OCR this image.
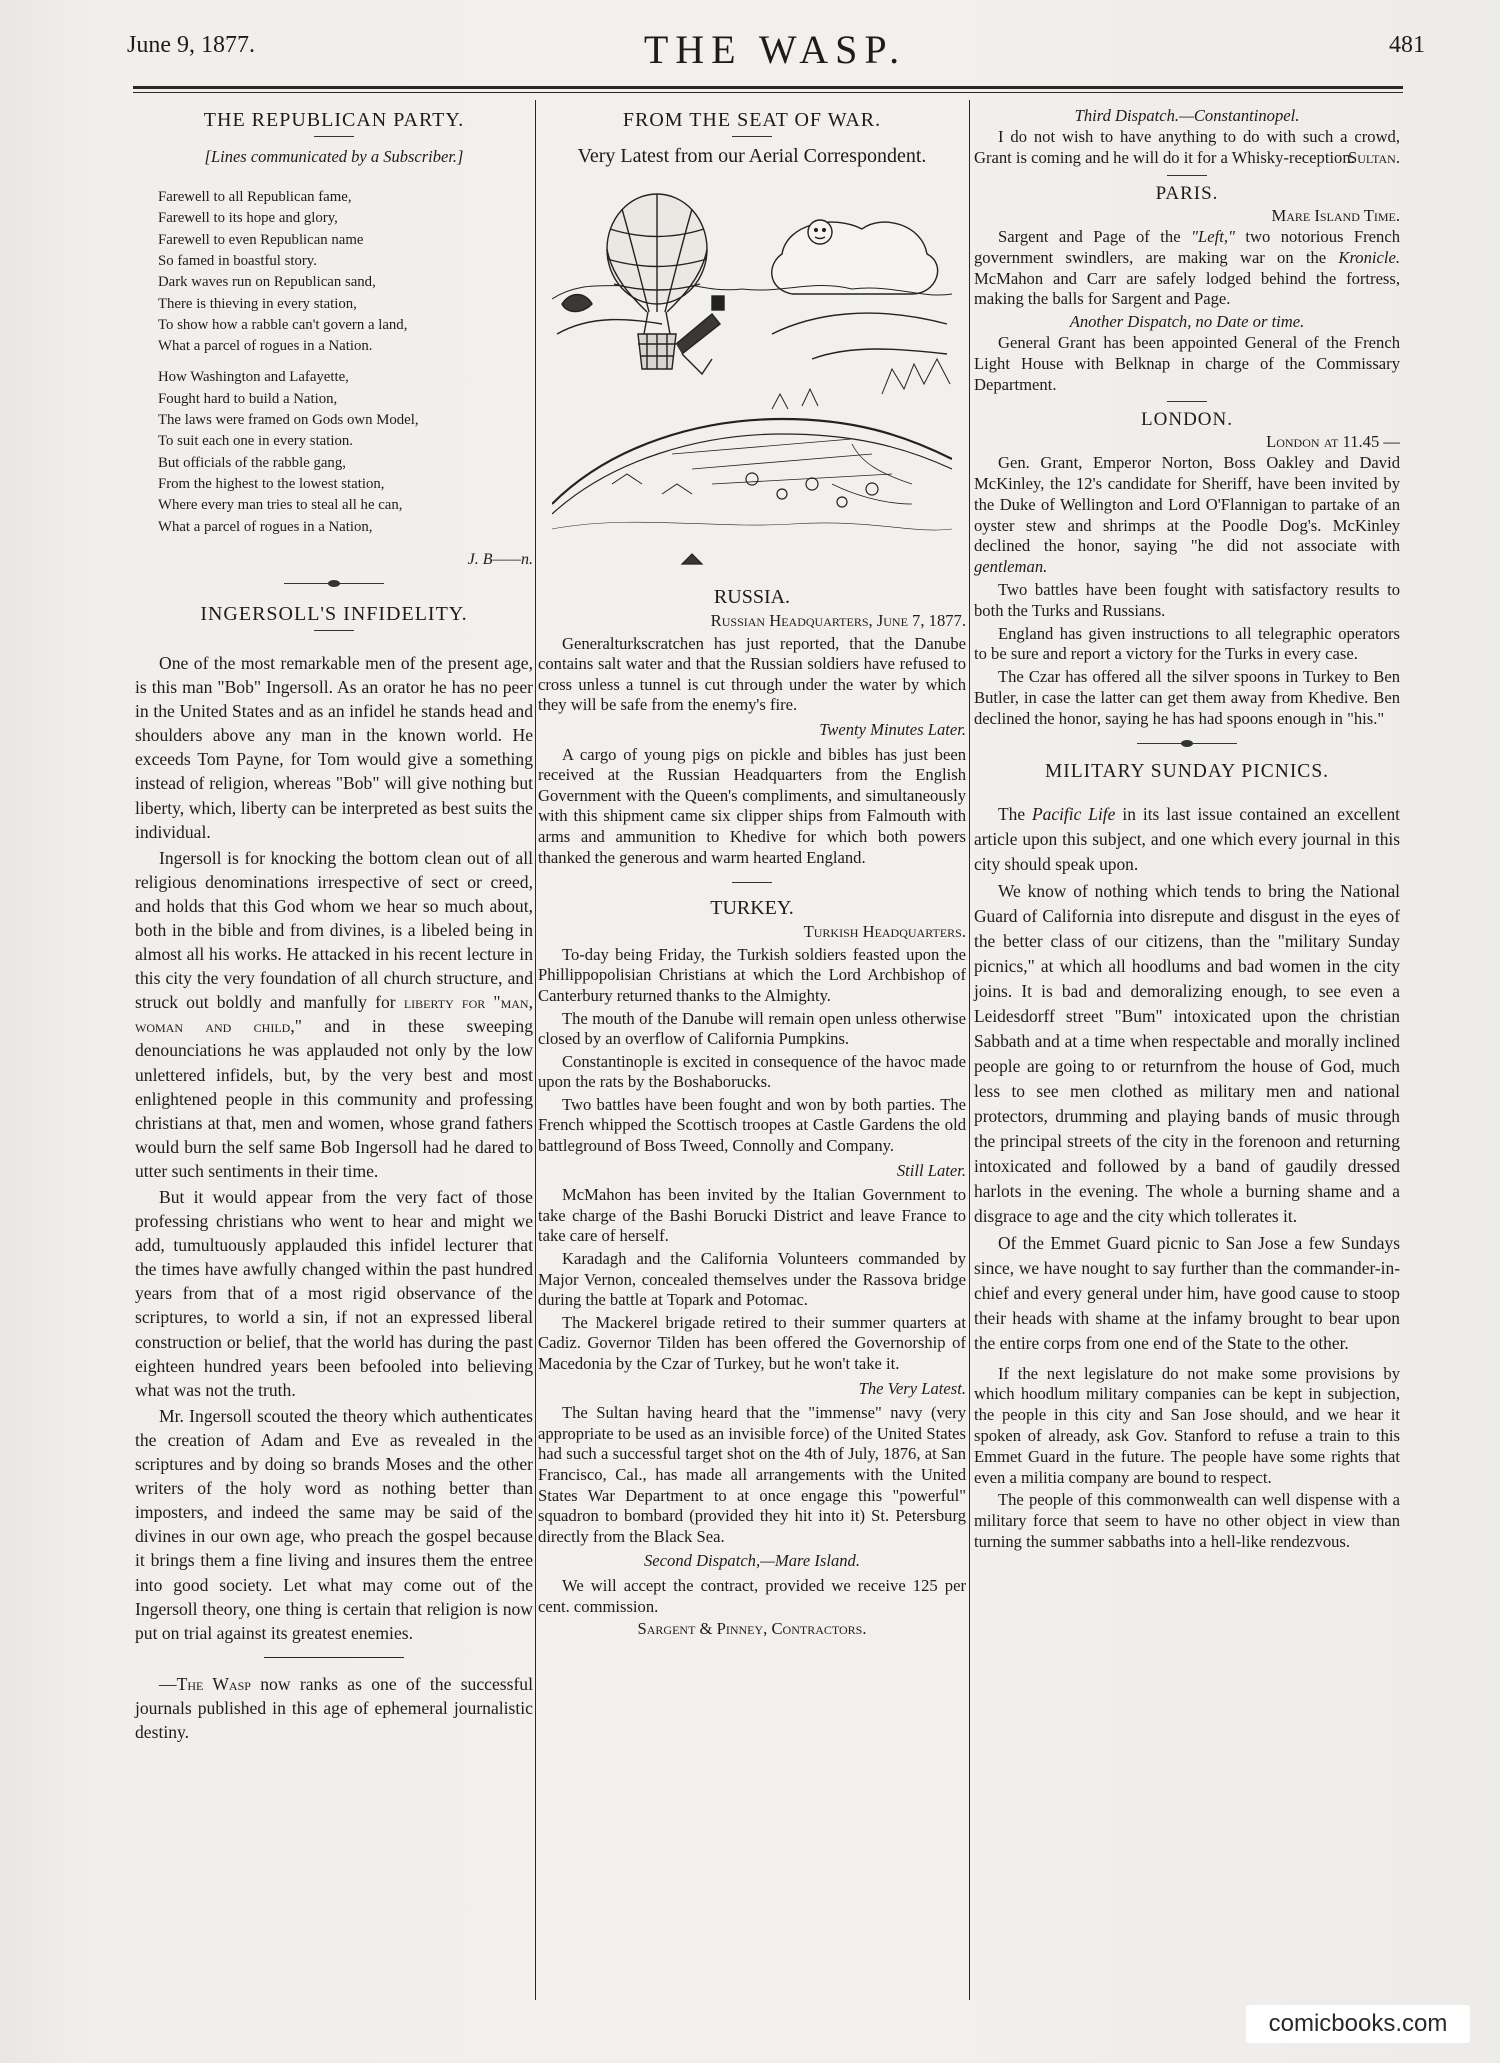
June 9, 1877.	THE WASP.	481
THE REPUBLICAN PARTY.
[Lines communicated by a Subscriber.]
Farewell to all Republican fame,
Farewell to its hope and glory,
Farewell to even Republican name
So famed in boastful story.
Dark waves run on Republican sand,
There is thieving in every station,
To show how a rabble can't govern a land,
What a parcel of rogues in a Nation.
How Washington and Lafayette,
Fought hard to build a Nation,
The laws were framed on Gods own Model,
To suit each one in every station.
But officials of the rabble gang,
From the highest to the lowest station,
Where every man tries to steal all he can,
What a parcel of rogues in a Nation,
J. B——n.
INGERSOLL'S INFIDELITY.

One of the most remarkable men of the present age, is this man "Bob" Ingersoll. As an orator he has no peer in the United States and as an infidel he stands head and shoulders above any man in the known world. He exceeds Tom Payne, for Tom would give a something instead of religion, whereas "Bob" will give nothing but liberty, which, liberty can be interpreted as best suits the individual.

Ingersoll is for knocking the bottom clean out of all religious denominations irrespective of sect or creed, and holds that this God whom we hear so much about, both in the bible and from divines, is a libeled being in almost all his works. He attacked in his recent lecture in this city the very foundation of all church structure, and struck out boldly and manfully for liberty for "man, woman and child," and in these sweeping denounciations he was applauded not only by the low unlettered infidels, but, by the very best and most enlightened people in this community and professing christians at that, men and women, whose grand fathers would burn the self same Bob Ingersoll had he dared to utter such sentiments in their time.

But it would appear from the very fact of those professing christians who went to hear and might we add, tumultuously applauded this infidel lecturer that the times have awfully changed within the past hundred years from that of a most rigid observance of the scriptures, to world a sin, if not an expressed liberal construction or belief, that the world has during the past eighteen hundred years been befooled into believing what was not the truth.

Mr. Ingersoll scouted the theory which authenticates the creation of Adam and Eve as revealed in the scriptures and by doing so brands Moses and the other writers of the holy word as nothing better than imposters, and indeed the same may be said of the divines in our own age, who preach the gospel because it brings them a fine living and insures them the entree into good society. Let what may come out of the Ingersoll theory, one thing is certain that religion is now put on trial against its greatest enemies.

—The Wasp now ranks as one of the successful journals published in this age of ephemeral journalistic destiny.

FROM THE SEAT OF WAR.
Very Latest from our Aerial Correspondent.
RUSSIA.
Russian Headquarters, June 7, 1877.

Generalturkscratchen has just reported, that the Danube contains salt water and that the Russian soldiers have refused to cross unless a tunnel is cut through under the water by which they will be safe from the enemy's fire.

Twenty Minutes Later.

A cargo of young pigs on pickle and bibles has just been received at the Russian Headquarters from the English Government with the Queen's compliments, and simultaneously with this shipment came six clipper ships from Falmouth with arms and ammunition to Khedive for which both powers thanked the generous and warm hearted England.

TURKEY.
Turkish Headquarters.

To-day being Friday, the Turkish soldiers feasted upon the Phillippopolisian Christians at which the Lord Archbishop of Canterbury returned thanks to the Almighty.

The mouth of the Danube will remain open unless otherwise closed by an overflow of California Pumpkins.

Constantinople is excited in consequence of the havoc made upon the rats by the Boshaborucks.

Two battles have been fought and won by both parties. The French whipped the Scottisch troopes at Castle Gardens the old battleground of Boss Tweed, Connolly and Company.

Still Later.

McMahon has been invited by the Italian Government to take charge of the Bashi Borucki District and leave France to take care of herself.

Karadagh and the California Volunteers commanded by Major Vernon, concealed themselves under the Rassova bridge during the battle at Topark and Potomac.

The Mackerel brigade retired to their summer quarters at Cadiz. Governor Tilden has been offered the Governorship of Macedonia by the Czar of Turkey, but he won't take it.

The Very Latest.

The Sultan having heard that the "immense" navy (very appropriate to be used as an invisible force) of the United States had such a successful target shot on the 4th of July, 1876, at San Francisco, Cal., has made all arrangements with the United States War Department to at once engage this "powerful" squadron to bombard (provided they hit into it) St. Petersburg directly from the Black Sea.

Second Dispatch,—Mare Island.

We will accept the contract, provided we receive 125 per cent. commission.

Sargent & Pinney, Contractors.
Third Dispatch.—Constantinopel.

I do not wish to have anything to do with such a crowd, Grant is coming and he will do it for a Whisky-reception.

Sultan.
PARIS.
Mare Island Time.

Sargent and Page of the "Left," two notorious French government swindlers, are making war on the Kronicle. McMahon and Carr are safely lodged behind the fortress, making the balls for Sargent and Page.

Another Dispatch, no Date or time.

General Grant has been appointed General of the French Light House with Belknap in charge of the Commissary Department.

LONDON.
London at 11.45 —

Gen. Grant, Emperor Norton, Boss Oakley and David McKinley, the 12's candidate for Sheriff, have been invited by the Duke of Wellington and Lord O'Flannigan to partake of an oyster stew and shrimps at the Poodle Dog's. McKinley declined the honor, saying "he did not associate with gentleman.

Two battles have been fought with satisfactory results to both the Turks and Russians.

England has given instructions to all telegraphic operators to be sure and report a victory for the Turks in every case.

The Czar has offered all the silver spoons in Turkey to Ben Butler, in case the latter can get them away from Khedive. Ben declined the honor, saying he has had spoons enough in "his."

MILITARY SUNDAY PICNICS.

The Pacific Life in its last issue contained an excellent article upon this subject, and one which every journal in this city should speak upon.

We know of nothing which tends to bring the National Guard of California into disrepute and disgust in the eyes of the better class of our citizens, than the "military Sunday picnics," at which all hoodlums and bad women in the city joins. It is bad and demoralizing enough, to see even a Leidesdorff street "Bum" intoxicated upon the christian Sabbath and at a time when respectable and morally inclined people are going to or returnfrom the house of God, much less to see men clothed as military men and national protectors, drumming and playing bands of music through the principal streets of the city in the forenoon and returning intoxicated and followed by a band of gaudily dressed harlots in the evening. The whole a burning shame and a disgrace to age and the city which tollerates it.

Of the Emmet Guard picnic to San Jose a few Sundays since, we have nought to say further than the commander-in-chief and every general under him, have good cause to stoop their heads with shame at the infamy brought to bear upon the entire corps from one end of the State to the other.

If the next legislature do not make some provisions by which hoodlum military companies can be kept in subjection, the people in this city and San Jose should, and we hear it spoken of already, ask Gov. Stanford to refuse a train to this Emmet Guard in the future. The people have some rights that even a militia company are bound to respect.

The people of this commonwealth can well dispense with a military force that seem to have no other object in view than turning the summer sabbaths into a hell-like rendezvous.

comicbooks.com
